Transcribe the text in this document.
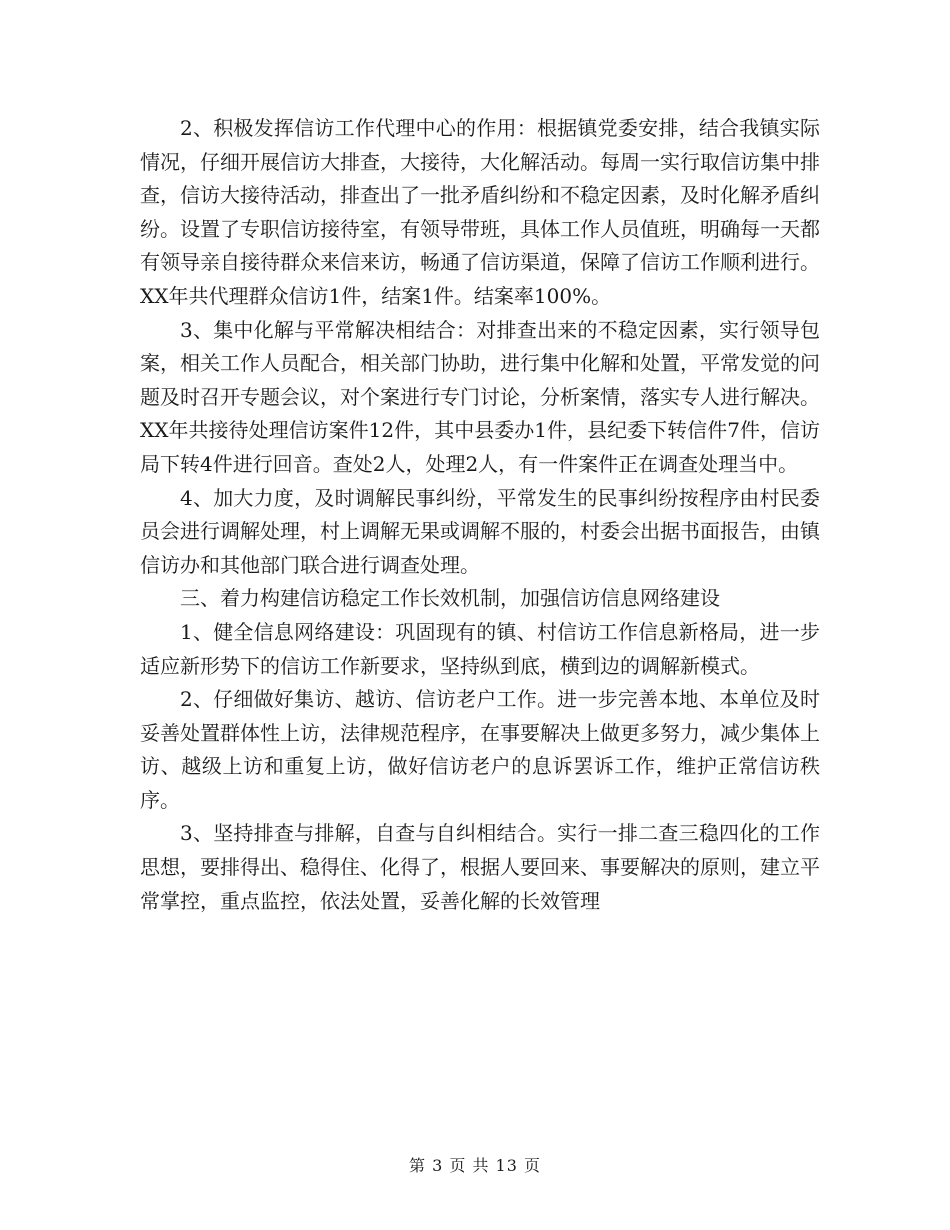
2、积极发挥信访工作代理中心的作用：根据镇党委安排，结合我镇实际情况，仔细开展信访大排查，大接待，大化解活动。每周一实行取信访集中排查，信访大接待活动，排查出了一批矛盾纠纷和不稳定因素，及时化解矛盾纠纷。设置了专职信访接待室，有领导带班，具体工作人员值班，明确每一天都有领导亲自接待群众来信来访，畅通了信访渠道，保障了信访工作顺利进行。XX年共代理群众信访1件，结案1件。结案率100%。

3、集中化解与平常解决相结合：对排查出来的不稳定因素，实行领导包案，相关工作人员配合，相关部门协助，进行集中化解和处置，平常发觉的问题及时召开专题会议，对个案进行专门讨论，分析案情，落实专人进行解决。XX年共接待处理信访案件12件，其中县委办1件，县纪委下转信件7件，信访局下转4件进行回音。查处2人，处理2人，有一件案件正在调查处理当中。

4、加大力度，及时调解民事纠纷，平常发生的民事纠纷按程序由村民委员会进行调解处理，村上调解无果或调解不服的，村委会出据书面报告，由镇信访办和其他部门联合进行调查处理。

三、着力构建信访稳定工作长效机制，加强信访信息网络建设

1、健全信息网络建设：巩固现有的镇、村信访工作信息新格局，进一步适应新形势下的信访工作新要求，坚持纵到底，横到边的调解新模式。

2、仔细做好集访、越访、信访老户工作。进一步完善本地、本单位及时妥善处置群体性上访，法律规范程序，在事要解决上做更多努力，减少集体上访、越级上访和重复上访，做好信访老户的息诉罢诉工作，维护正常信访秩序。

3、坚持排查与排解，自查与自纠相结合。实行一排二查三稳四化的工作思想，要排得出、稳得住、化得了，根据人要回来、事要解决的原则，建立平常掌控，重点监控，依法处置，妥善化解的长效管理

第 3 页 共 13 页
